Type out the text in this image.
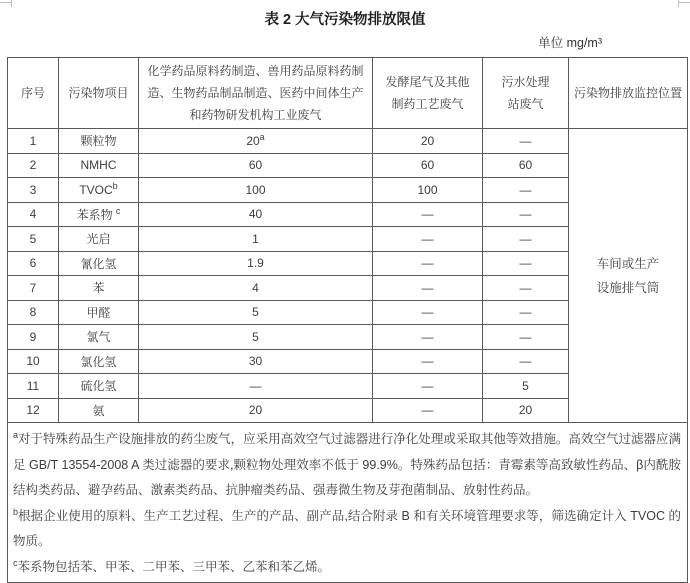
表 2 大气污染物排放限值
单位 mg/m³
序号	污染物项目	化学药品原料药制造、兽用药品原料药制造、生物药品制品制造、医药中间体生产和药物研发机构工业废气	发酵尾气及其他制药工艺废气	污水处理站废气	污染物排放监控位置
1	颗粒物	20$^a$	20	—	车间或生产
设施排气筒

2	NMHC	60	60	60	
3	TVOC$^b$	100	100	—	
4	苯系物 $^c$	40	—	—	
5	光启	1	—	—	
6	氰化氢	1.9	—	—	
7	苯	4	—	—	
8	甲醛	5	—	—	
9	氯气	5	—	—	
10	氯化氢	30	—	—	
11	硫化氢	—	—	5	
12	氨	20	—	20	

$^a$对于特殊药品生产设施排放的药尘废气，应采用高效空气过滤器进行净化处理或采取其他等效措施。高效空气过滤器应满足 GB/T 13554-2008 A 类过滤器的要求,颗粒物处理效率不低于 99.9%。特殊药品包括：青霉素等高致敏性药品、β内酰胺结构类药品、避孕药品、激素类药品、抗肿瘤类药品、强毒微生物及芽孢菌制品、放射性药品。

$^b$根据企业使用的原料、生产工艺过程、生产的产品、副产品,结合附录 B 和有关环境管理要求等，筛选确定计入 TVOC 的物质。

$^c$苯系物包括苯、甲苯、二甲苯、三甲苯、乙苯和苯乙烯。					
